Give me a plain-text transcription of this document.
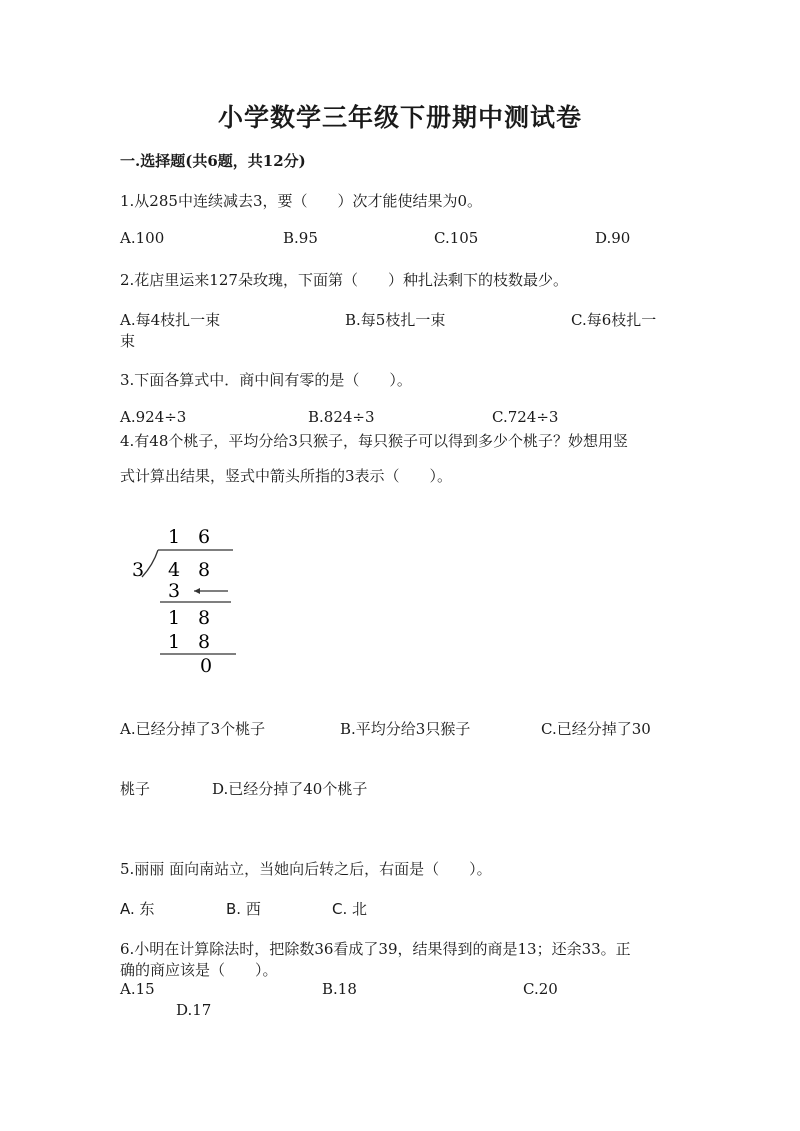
小学数学三年级下册期中测试卷
一.选择题(共6题，共12分)
1.从285中连续减去3，要（　　）次才能使结果为0。
A.100	B.95	C.105	D.90
2.花店里运来127朵玫瑰，下面第（　　）种扎法剩下的枝数最少。
A.每4枝扎一束	B.每5枝扎一束	C.每6枝扎一
束
3.下面各算式中．商中间有零的是（　　）。
A.924÷3	B.824÷3	C.724÷3
4.有48个桃子，平均分给3只猴子，每只猴子可以得到多少个桃子？妙想用竖
式计算出结果，竖式中箭头所指的3表示（　　）。
1 6
3 4 8
3
1 8
1 8
0
A.已经分掉了3个桃子	B.平均分给3只猴子	C.已经分掉了30
桃子	D.已经分掉了40个桃子
5.丽丽 面向南站立，当她向后转之后，右面是（　　）。
A. 东	B. 西	C. 北
6.小明在计算除法时，把除数36看成了39，结果得到的商是13；还余33。正
确的商应该是（　　）。
A.15	B.18	C.20
D.17
